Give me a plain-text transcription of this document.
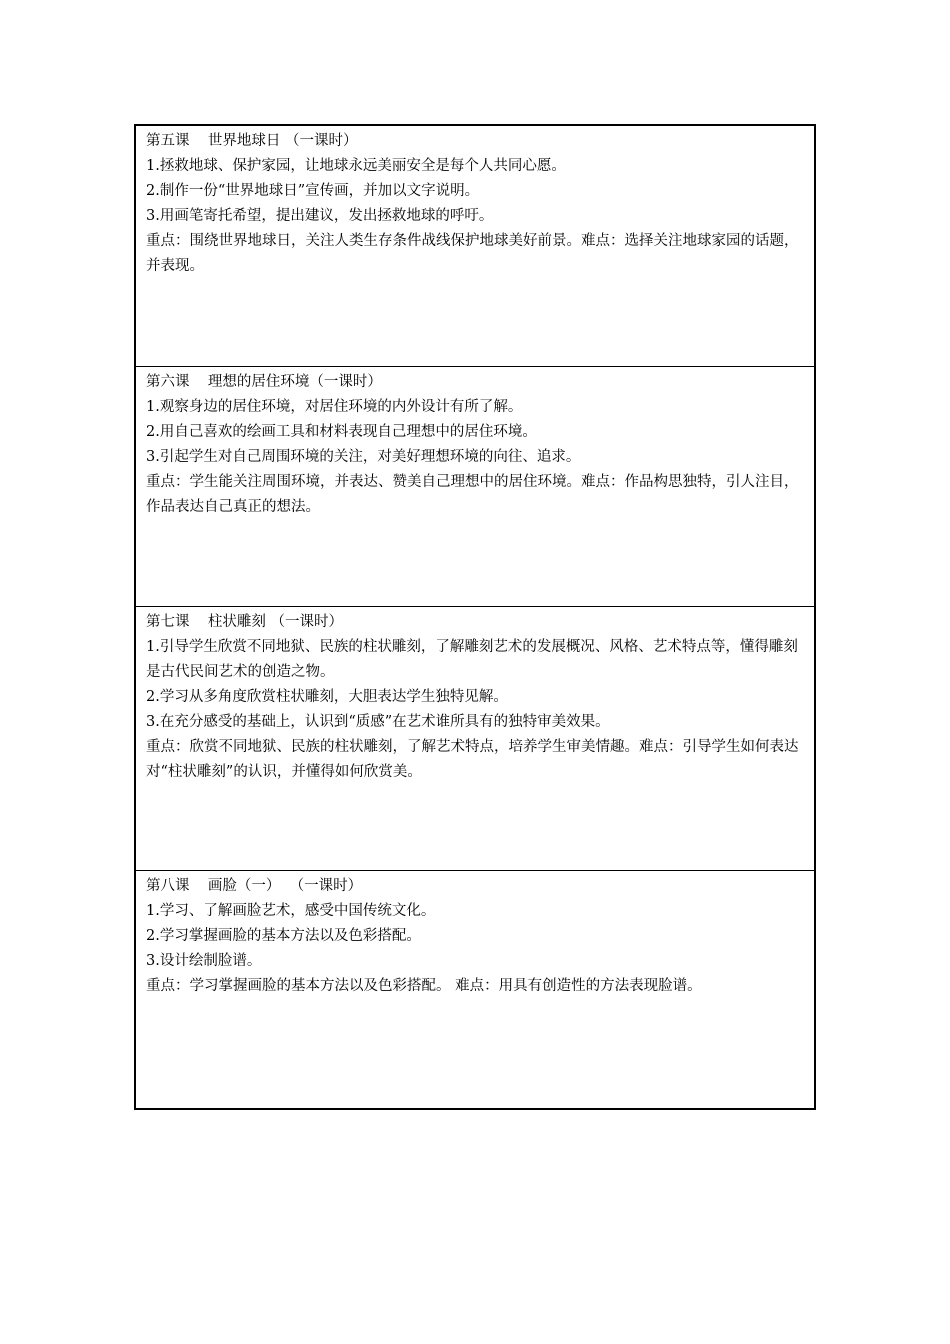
第五课    世界地球日 （一课时）
1.拯救地球、保护家园，让地球永远美丽安全是每个人共同心愿。
2.制作一份“世界地球日”宣传画，并加以文字说明。
3.用画笔寄托希望，提出建议，发出拯救地球的呼吁。
重点：围绕世界地球日，关注人类生存条件战线保护地球美好前景。难点：选择关注地球家园的话题，并表现。
第六课    理想的居住环境（一课时）
1.观察身边的居住环境，对居住环境的内外设计有所了解。
2.用自己喜欢的绘画工具和材料表现自己理想中的居住环境。
3.引起学生对自己周围环境的关注，对美好理想环境的向往、追求。
重点：学生能关注周围环境，并表达、赞美自己理想中的居住环境。难点：作品构思独特，引人注目，作品表达自己真正的想法。
第七课    柱状雕刻 （一课时）
1.引导学生欣赏不同地狱、民族的柱状雕刻，了解雕刻艺术的发展概况、风格、艺术特点等，懂得雕刻是古代民间艺术的创造之物。
2.学习从多角度欣赏柱状雕刻，大胆表达学生独特见解。
3.在充分感受的基础上，认识到“质感”在艺术谁所具有的独特审美效果。
重点：欣赏不同地狱、民族的柱状雕刻，了解艺术特点，培养学生审美情趣。难点：引导学生如何表达对“柱状雕刻”的认识，并懂得如何欣赏美。
第八课    画脸（一）  （一课时）
1.学习、了解画脸艺术，感受中国传统文化。
2.学习掌握画脸的基本方法以及色彩搭配。
3.设计绘制脸谱。
重点：学习掌握画脸的基本方法以及色彩搭配。 难点：用具有创造性的方法表现脸谱。
